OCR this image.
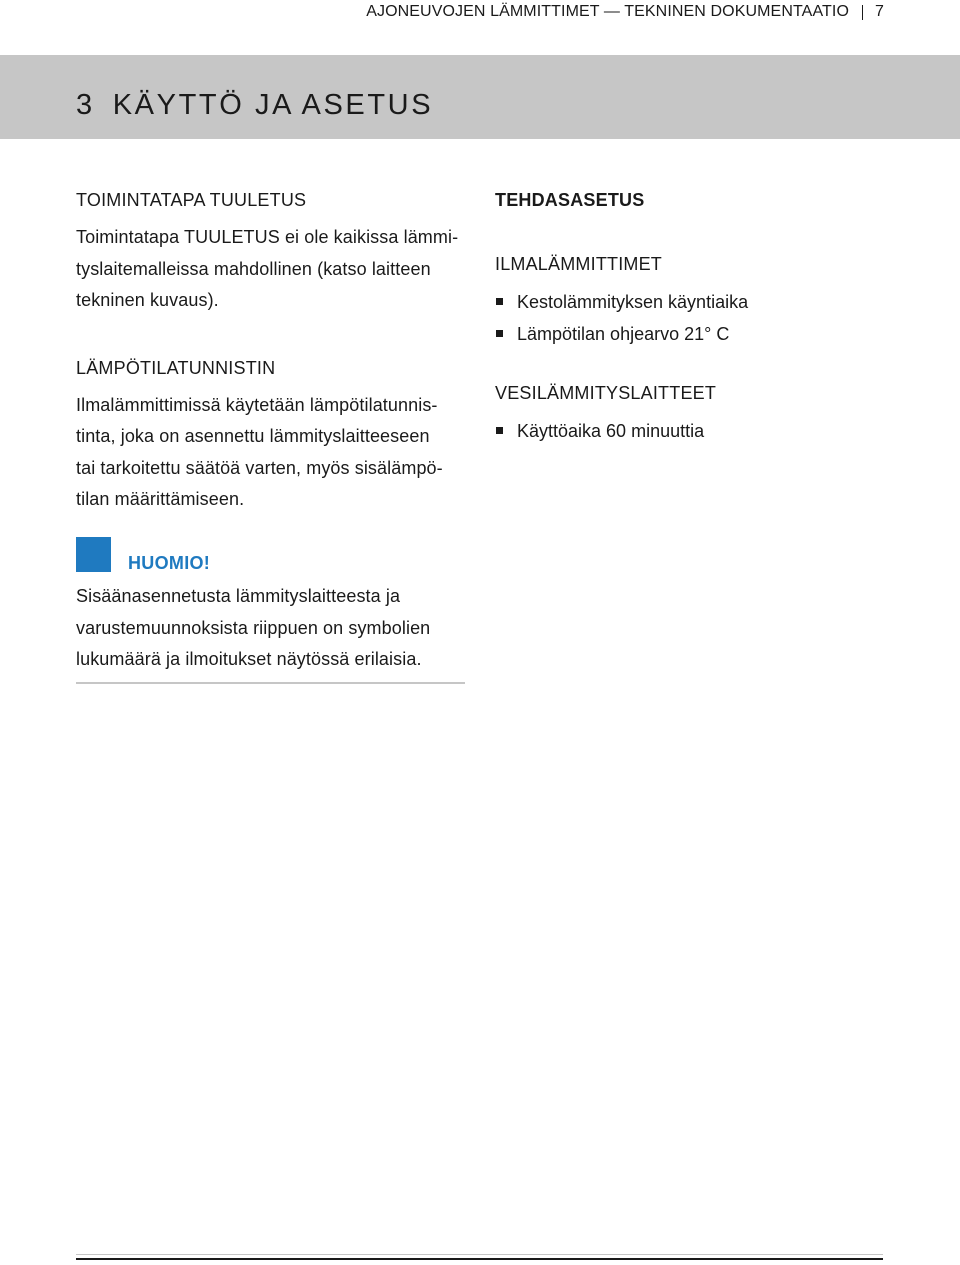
AJONEUVOJEN LÄMMITTIMET — TEKNINEN DOKUMENTAATIO 7
3 KÄYTTÖ JA ASETUS

TOIMINTATAPA TUULETUS

Toimintatapa TUULETUS ei ole kaikissa lämmi-
tyslaitemalleissa mahdollinen (katso laitteen
tekninen kuvaus).

LÄMPÖTILATUNNISTIN

Ilmalämmittimissä käytetään lämpötilatunnis-
tinta, joka on asennettu lämmityslaitteeseen
tai tarkoitettu säätöä varten, myös sisälämpö-
tilan määrittämiseen.

HUOMIO!

Sisäänasennetusta lämmityslaitteesta ja
varustemuunnoksista riippuen on symbolien
lukumäärä ja ilmoitukset näytössä erilaisia.

TEHDASASETUS

ILMALÄMMITTIMET

Kestolämmityksen käyntiaika
Lämpötilan ohjearvo 21° C

VESILÄMMITYSLAITTEET

Käyttöaika 60 minuuttia
